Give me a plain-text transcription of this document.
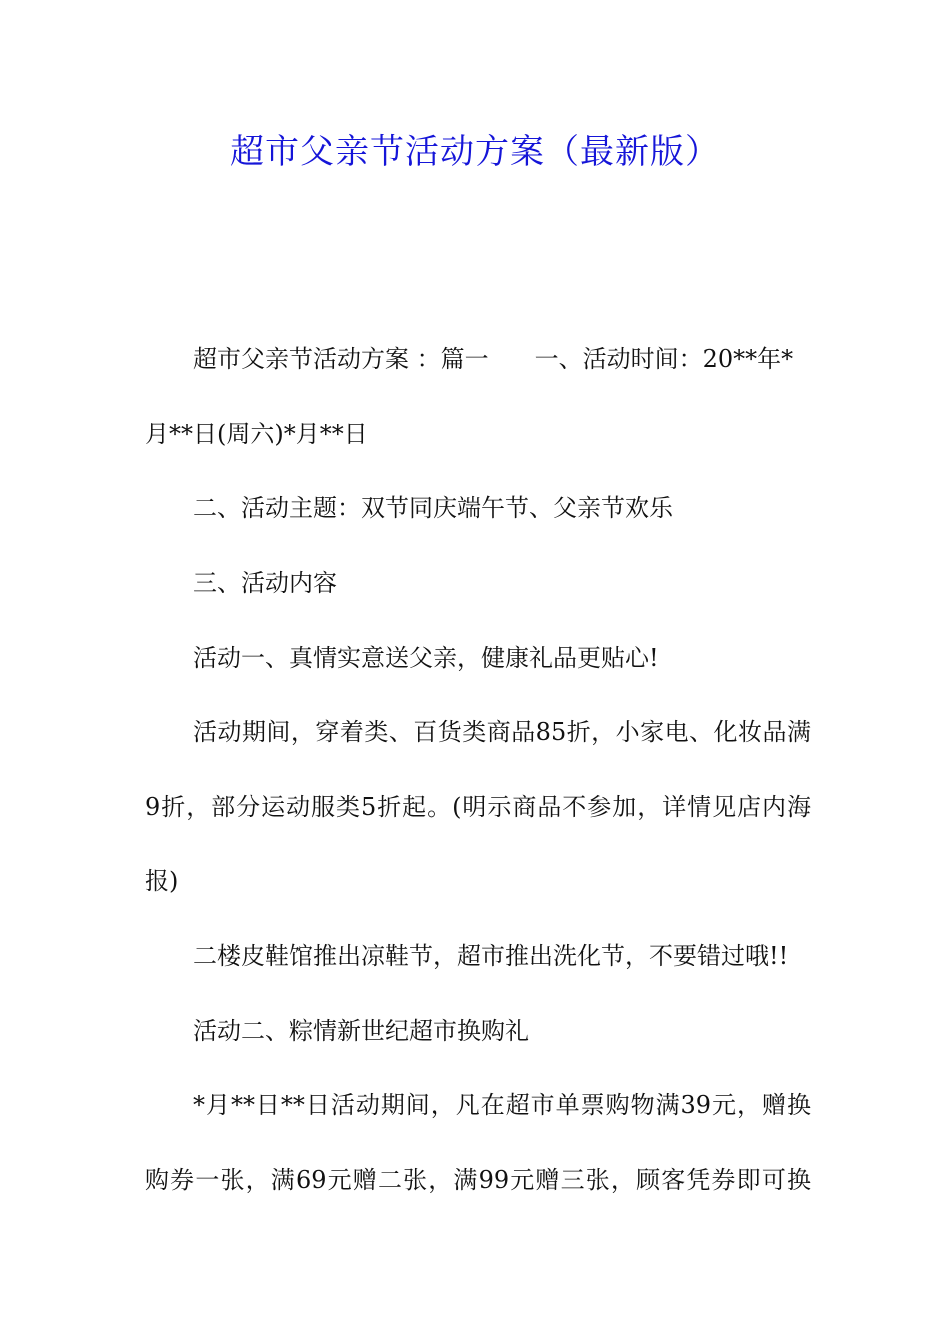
超市父亲节活动方案（最新版）
超市父亲节活动方案 ：篇一 一、活动时间：20**年*
月**日(周六)*月**日
二、活动主题：双节同庆端午节、父亲节欢乐
三、活动内容
活动一、真情实意送父亲，健康礼品更贴心!
活动期间，穿着类、百货类商品85折，小家电、化妆品满
9折，部分运动服类5折起。(明示商品不参加，详情见店内海
报)
二楼皮鞋馆推出凉鞋节，超市推出洗化节，不要错过哦!!
活动二、粽情新世纪超市换购礼
*月**日**日活动期间，凡在超市单票购物满39元，赠换
购券一张，满69元赠二张，满99元赠三张，顾客凭券即可换
